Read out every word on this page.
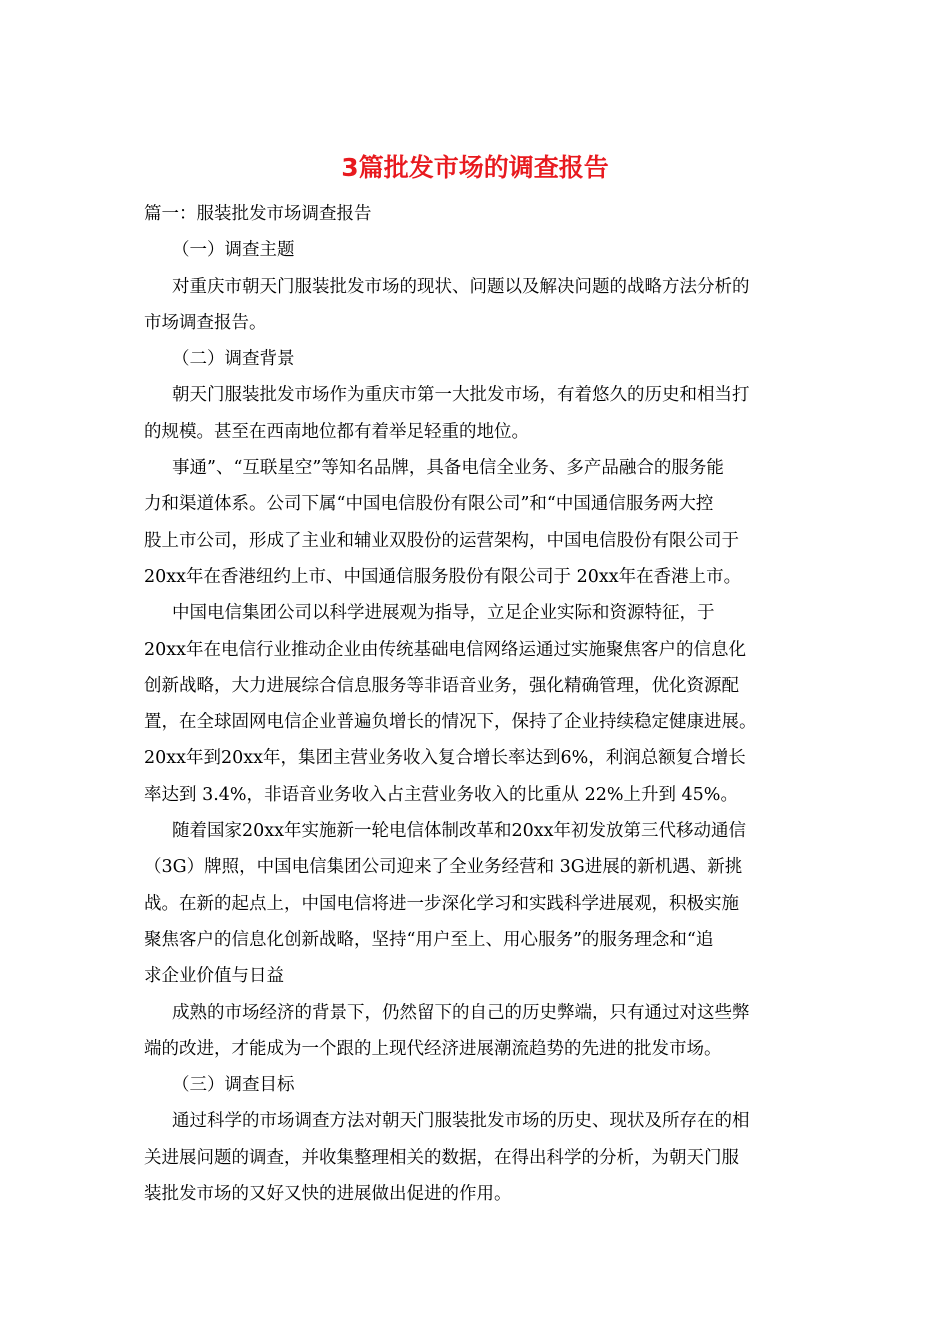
3篇批发市场的调查报告

篇一：服装批发市场调查报告

（一）调查主题

对重庆市朝天门服装批发市场的现状、问题以及解决问题的战略方法分析的
市场调查报告。

（二）调查背景

朝天门服装批发市场作为重庆市第一大批发市场，有着悠久的历史和相当打
的规模。甚至在西南地位都有着举足轻重的地位。

事通”、“互联星空”等知名品牌，具备电信全业务、多产品融合的服务能
力和渠道体系。公司下属“中国电信股份有限公司”和“中国通信服务两大控
股上市公司，形成了主业和辅业双股份的运营架构，中国电信股份有限公司于
20xx年在香港纽约上市、中国通信服务股份有限公司于 20xx年在香港上市。

中国电信集团公司以科学进展观为指导，立足企业实际和资源特征，于
20xx年在电信行业推动企业由传统基础电信网络运通过实施聚焦客户的信息化
创新战略，大力进展综合信息服务等非语音业务，强化精确管理，优化资源配
置，在全球固网电信企业普遍负增长的情况下，保持了企业持续稳定健康进展。
20xx年到20xx年，集团主营业务收入复合增长率达到6%，利润总额复合增长
率达到 3.4%，非语音业务收入占主营业务收入的比重从 22%上升到 45%。

随着国家20xx年实施新一轮电信体制改革和20xx年初发放第三代移动通信
（3G）牌照，中国电信集团公司迎来了全业务经营和 3G进展的新机遇、新挑
战。在新的起点上，中国电信将进一步深化学习和实践科学进展观，积极实施
聚焦客户的信息化创新战略，坚持“用户至上、用心服务”的服务理念和“追
求企业价值与日益

成熟的市场经济的背景下，仍然留下的自己的历史弊端，只有通过对这些弊
端的改进，才能成为一个跟的上现代经济进展潮流趋势的先进的批发市场。

（三）调查目标

通过科学的市场调查方法对朝天门服装批发市场的历史、现状及所存在的相
关进展问题的调查，并收集整理相关的数据，在得出科学的分析，为朝天门服
装批发市场的又好又快的进展做出促进的作用。
